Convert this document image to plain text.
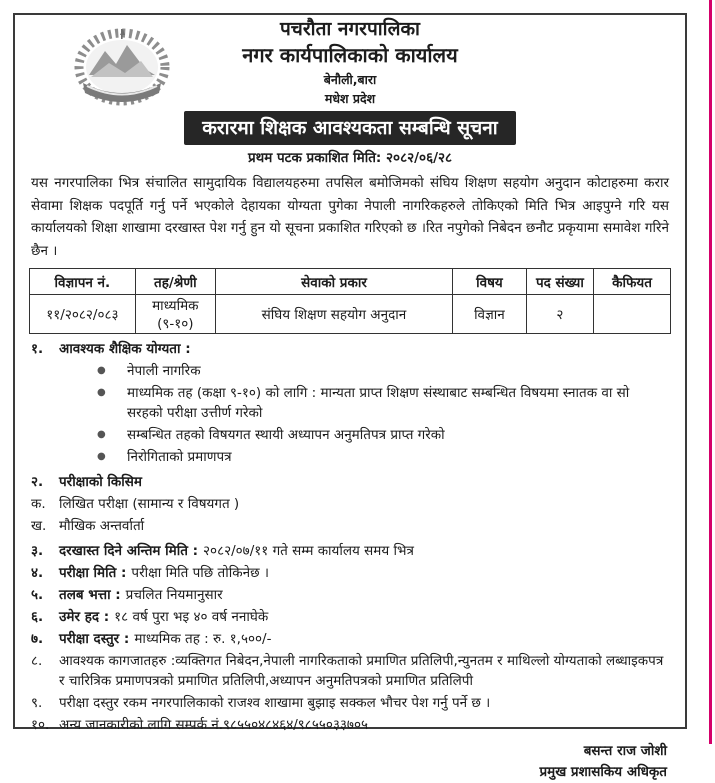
पचरौता नगरपालिका
नगर कार्यपालिकाको कार्यालय
बेनौली,बारा
मधेश प्रदेश
करारमा शिक्षक आवश्यकता सम्बन्धि सूचना
प्रथम पटक प्रकाशित मिति: २०८२/०६/२८

यस नगरपालिका भित्र संचालित सामुदायिक विद्यालयहरुमा तपसिल बमोजिमको संघिय शिक्षण सहयोग अनुदान कोटाहरुमा करार सेवामा शिक्षक पदपूर्ति गर्नु पर्ने भएकोले देहायका योग्यता पुगेका नेपाली नागरिकहरुले तोकिएको मिति भित्र आइपुग्ने गरि यस कार्यालयको शिक्षा शाखामा दरखास्त पेश गर्नु हुन यो सूचना प्रकाशित गरिएको छ ।रित नपुगेको निबेदन छनौट प्रकृयामा समावेश गरिने छैन ।

विज्ञापन नं.	तह/श्रेणी	सेवाको प्रकार	विषय	पद संख्या	कैफियत
११/२०८२/०८३	माध्यमिक (९-१०)	संघिय शिक्षण सहयोग अनुदान	विज्ञान	२	
१.	आवश्यक शैक्षिक योग्यता :
●	नेपाली नागरिक
●	माध्यमिक तह (कक्षा ९-१०) को लागि : मान्यता प्राप्त शिक्षण संस्थाबाट सम्बन्धित विषयमा स्नातक वा सो सरहको परीक्षा उत्तीर्ण गरेको
●	सम्बन्धित तहको विषयगत स्थायी अध्यापन अनुमतिपत्र प्राप्त गरेको
●	निरोगिताको प्रमाणपत्र
२.	परीक्षाको किसिम
क. लिखित परीक्षा (सामान्य र विषयगत )
ख. मौखिक अन्तर्वार्ता
३.	दरखास्त दिने अन्तिम मिति : २०८२/०७/११ गते सम्म कार्यालय समय भित्र
४.	परीक्षा मिति : परीक्षा मिति पछि तोकिनेछ ।
५.	तलब भत्ता : प्रचलित नियमानुसार
६.	उमेर हद : १८ वर्ष पुरा भइ ४० वर्ष ननाघेके
७.	परीक्षा दस्तुर : माध्यमिक तह : रु. १,५००/-
८.	आवश्यक कागजातहरु :व्यक्तिगत निबेदन,नेपाली नागरिकताको प्रमाणित प्रतिलिपी,न्युनतम र माथिल्लो योग्यताको लब्धाइकपत्र र चारित्रिक प्रमाणपत्रको प्रमाणित प्रतिलिपी,अध्यापन अनुमतिपत्रको प्रमाणित प्रतिलिपी
९.	परीक्षा दस्तुर रकम नगरपालिकाको राजश्व शाखामा बुझाइ सक्कल भौचर पेश गर्नु पर्ने छ ।
१०. अन्य जानकारीको लागि सम्पर्क नं.९८५५०४८४६४/९८५५०३३७०५
बसन्त राज जोशी
प्रमुख प्रशासकिय अधिकृत
